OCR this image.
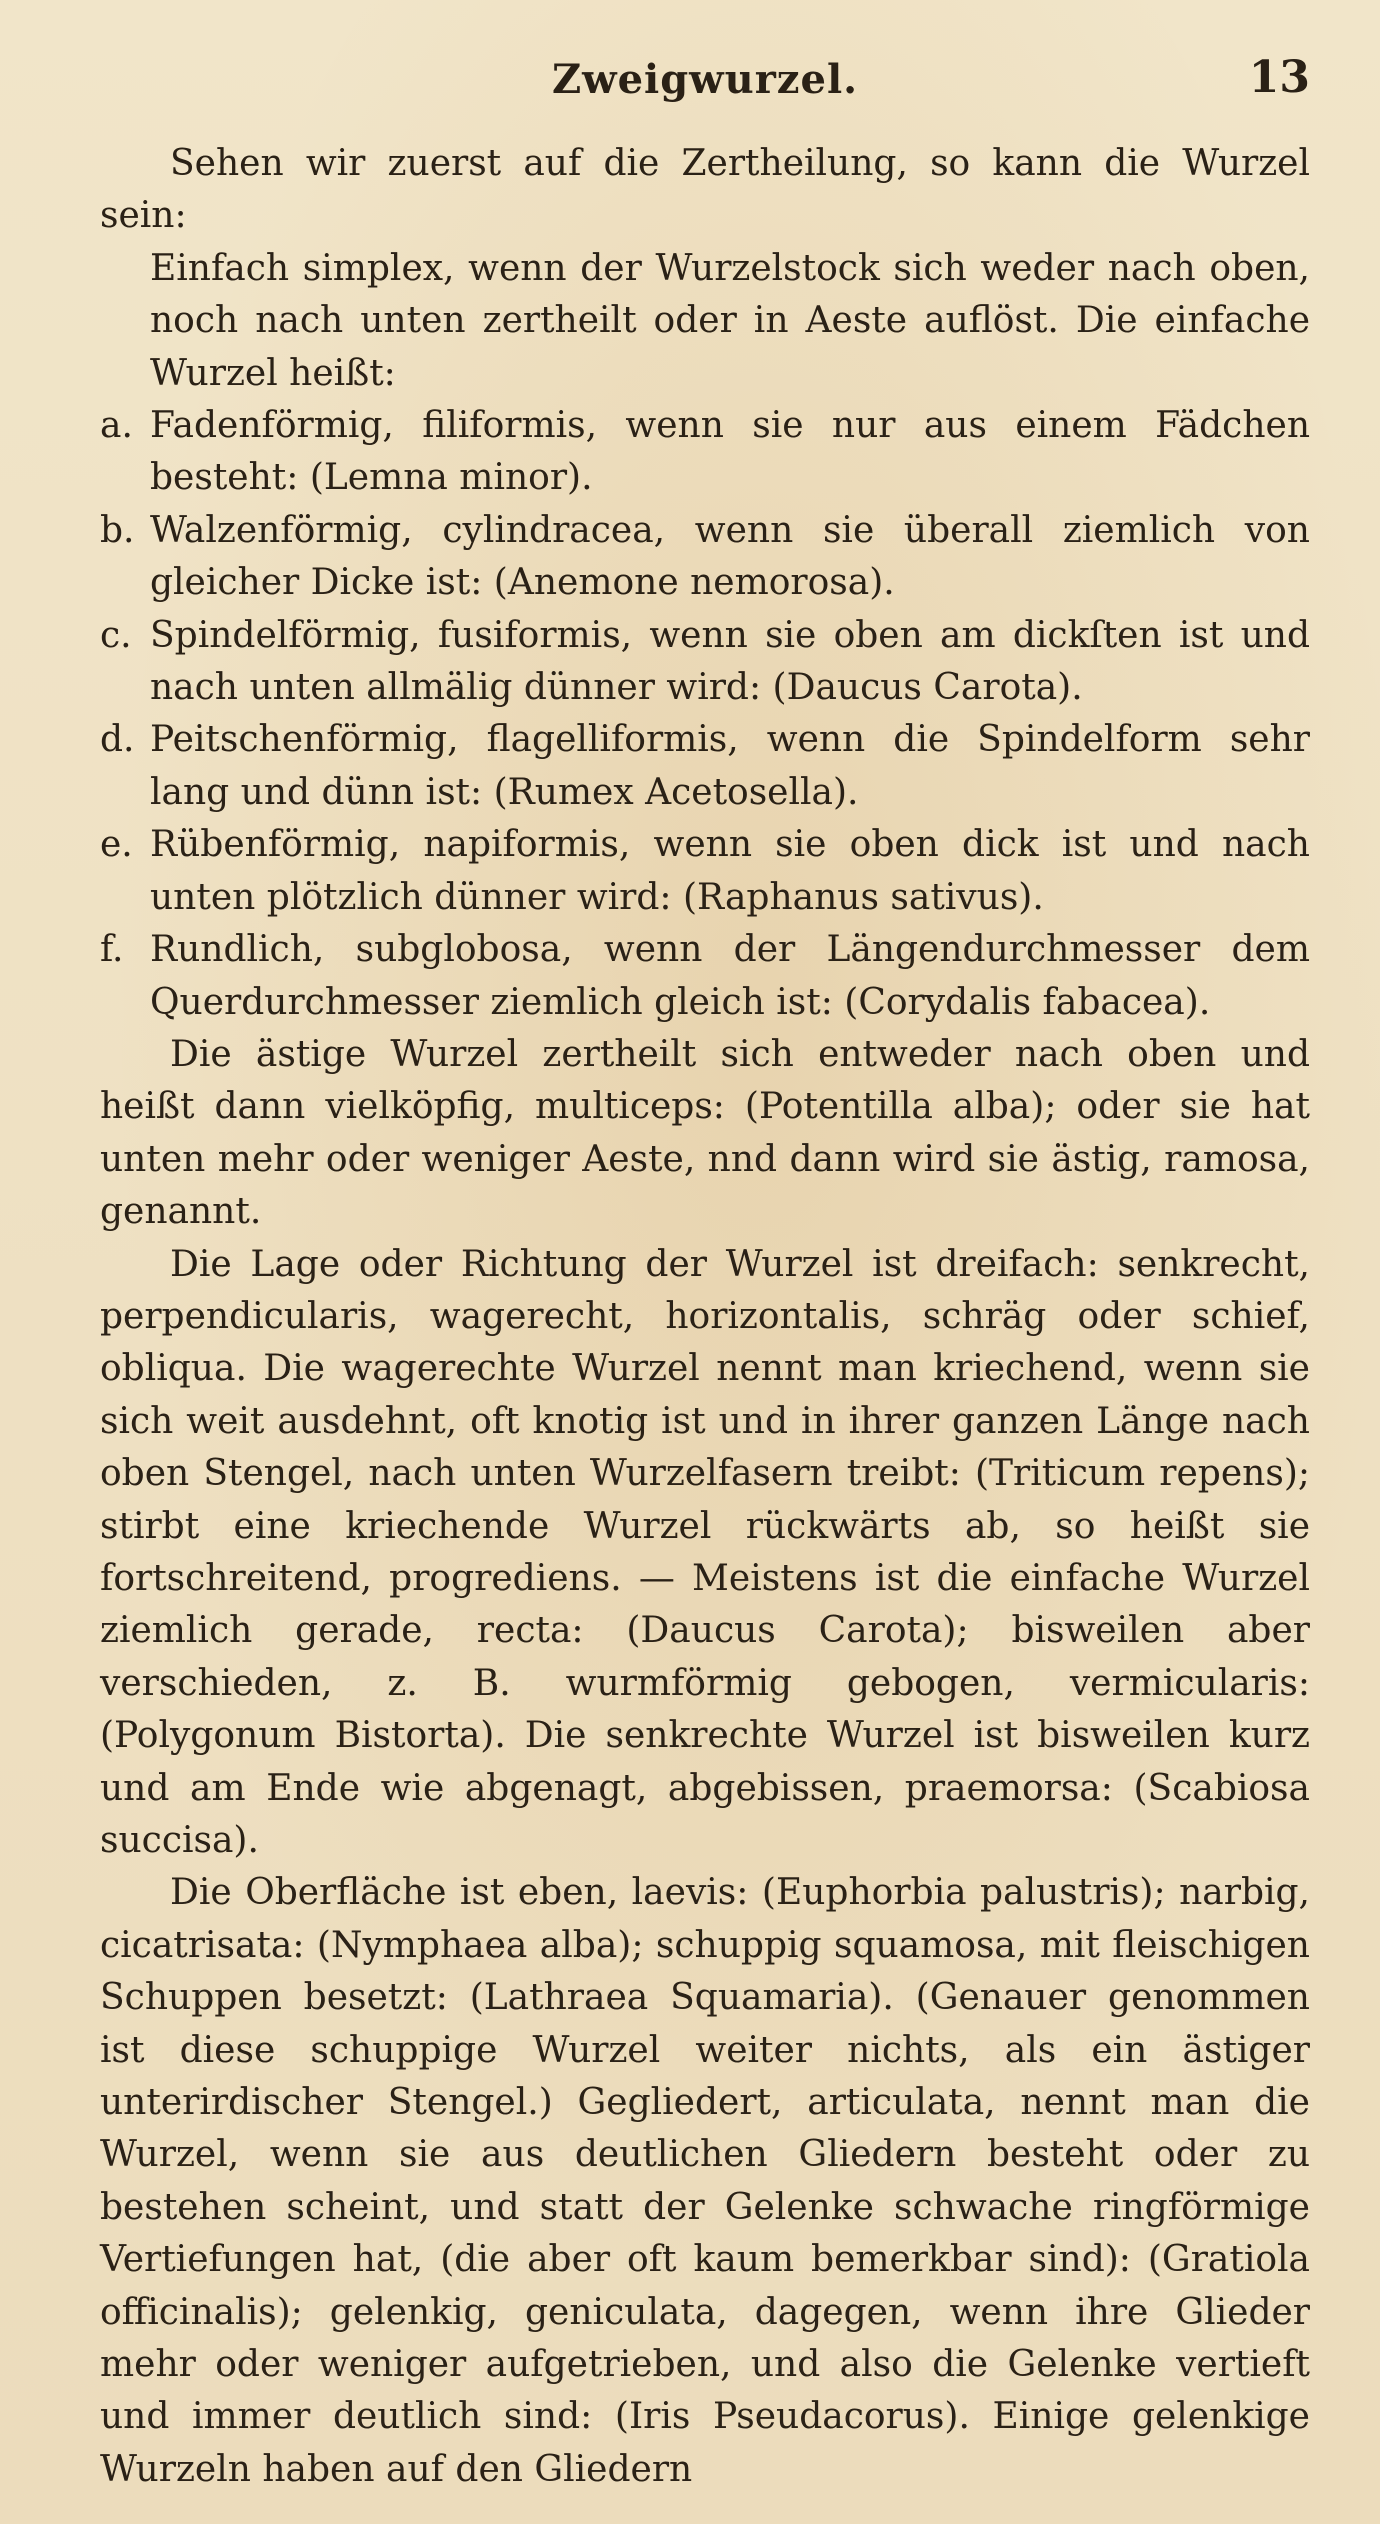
Zweigwurzel.	13

Sehen wir zuerst auf die Zertheilung, so kann die Wurzel sein:

Einfach simplex, wenn der Wurzelstock sich weder nach oben, noch nach unten zertheilt oder in Aeste auflöst. Die einfache Wurzel heißt:

a. Fadenförmig, filiformis, wenn sie nur aus einem Fädchen besteht: (Lemna minor).

b. Walzenförmig, cylindracea, wenn sie überall ziemlich von gleicher Dicke ist: (Anemone nemorosa).

c. Spindelförmig, fusiformis, wenn sie oben am dickſten ist und nach unten allmälig dünner wird: (Daucus Carota).

d. Peitschenförmig, flagelliformis, wenn die Spindelform sehr lang und dünn ist: (Rumex Acetosella).

e. Rübenförmig, napiformis, wenn sie oben dick ist und nach unten plötzlich dünner wird: (Raphanus sativus).

f. Rundlich, subglobosa, wenn der Längendurchmesser dem Querdurchmesser ziemlich gleich ist: (Corydalis fabacea).

Die ästige Wurzel zertheilt sich entweder nach oben und heißt dann vielköpfig, multiceps: (Potentilla alba); oder sie hat unten mehr oder weniger Aeste, nnd dann wird sie ästig, ramosa, genannt.

Die Lage oder Richtung der Wurzel ist dreifach: senkrecht, perpendicularis, wagerecht, horizontalis, schräg oder schief, obliqua. Die wagerechte Wurzel nennt man kriechend, wenn sie sich weit ausdehnt, oft knotig ist und in ihrer ganzen Länge nach oben Stengel, nach unten Wurzelfasern treibt: (Triticum repens); stirbt eine kriechende Wurzel rückwärts ab, so heißt sie fortschreitend, progrediens. — Meistens ist die einfache Wurzel ziemlich gerade, recta: (Daucus Carota); bisweilen aber verschieden, z. B. wurmförmig gebogen, vermicularis: (Polygonum Bistorta). Die senkrechte Wurzel ist bisweilen kurz und am Ende wie abgenagt, abgebissen, praemorsa: (Scabiosa succisa).

Die Oberfläche ist eben, laevis: (Euphorbia palustris); narbig, cicatrisata: (Nymphaea alba); schuppig squamosa, mit fleischigen Schuppen besetzt: (Lathraea Squamaria). (Genauer genommen ist diese schuppige Wurzel weiter nichts, als ein ästiger unterirdischer Stengel.) Gegliedert, articulata, nennt man die Wurzel, wenn sie aus deutlichen Gliedern besteht oder zu bestehen scheint, und statt der Gelenke schwache ringförmige Vertiefungen hat, (die aber oft kaum bemerkbar sind): (Gratiola officinalis); gelenkig, geniculata, dagegen, wenn ihre Glieder mehr oder weniger aufgetrieben, und also die Gelenke vertieft und immer deutlich sind: (Iris Pseudacorus). Einige gelenkige Wurzeln haben auf den Gliedern
